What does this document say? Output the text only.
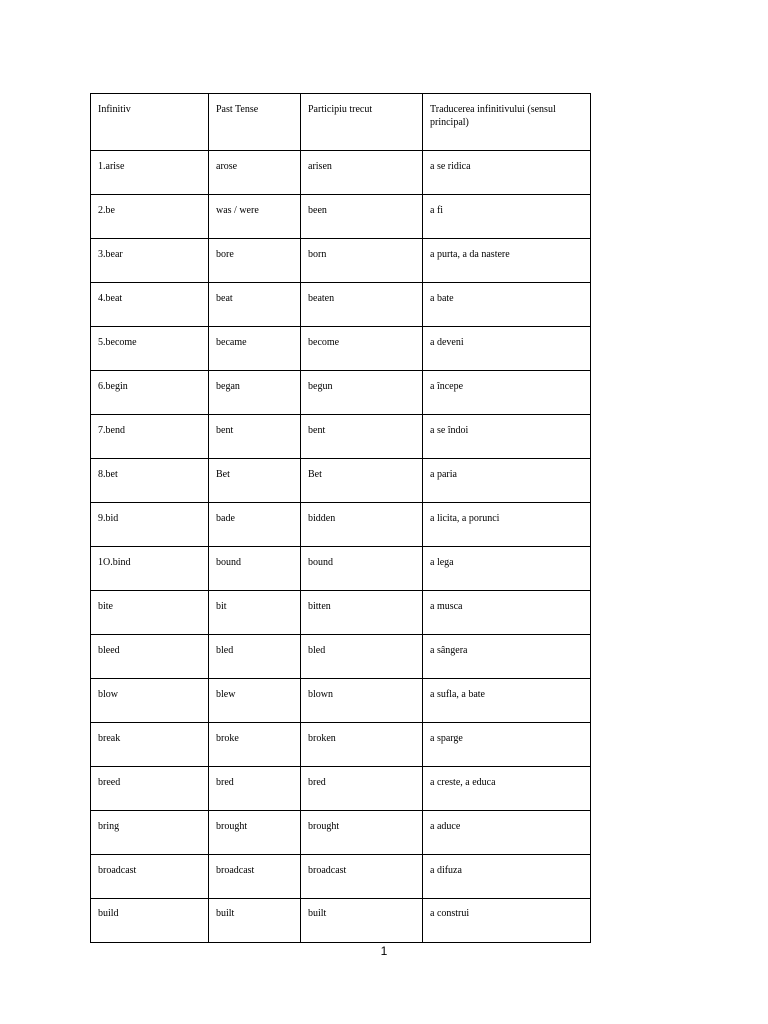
Infinitiv	Past Tense	Participiu trecut	Traducerea infinitivului (sensul principal)
1.arise	arose	arisen	a se ridica
2.be	was / were	been	a fi
3.bear	bore	born	a purta, a da nastere
4.beat	beat	beaten	a bate
5.become	became	become	a deveni
6.begin	began	begun	a începe
7.bend	bent	bent	a se îndoi
8.bet	Bet	Bet	a paria
9.bid	bade	bidden	a licita, a porunci
1O.bind	bound	bound	a lega
bite	bit	bitten	a musca
bleed	bled	bled	a sângera
blow	blew	blown	a sufla, a bate
break	broke	broken	a sparge
breed	bred	bred	a creste, a educa
bring	brought	brought	a aduce
broadcast	broadcast	broadcast	a difuza
build	built	built	a construi
1
